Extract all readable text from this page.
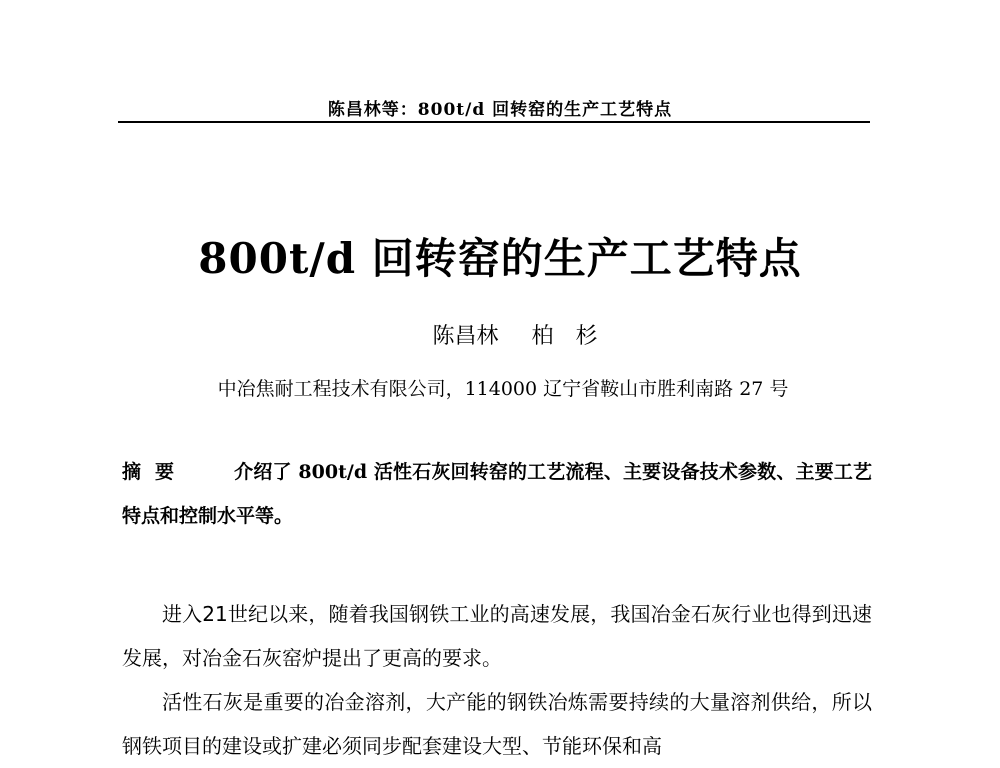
陈昌林等：800t/d 回转窑的生产工艺特点
800t/d 回转窑的生产工艺特点
陈昌林 柏　杉
中冶焦耐工程技术有限公司，114000 辽宁省鞍山市胜利南路 27 号
摘要 介绍了 800t/d 活性石灰回转窑的工艺流程、主要设备技术参数、主要工艺特点和控制水平等。

进入21世纪以来，随着我国钢铁工业的高速发展，我国冶金石灰行业也得到迅速发展，对冶金石灰窑炉提出了更高的要求。

活性石灰是重要的冶金溶剂，大产能的钢铁冶炼需要持续的大量溶剂供给，所以钢铁项目的建设或扩建必须同步配套建设大型、节能环保和高
